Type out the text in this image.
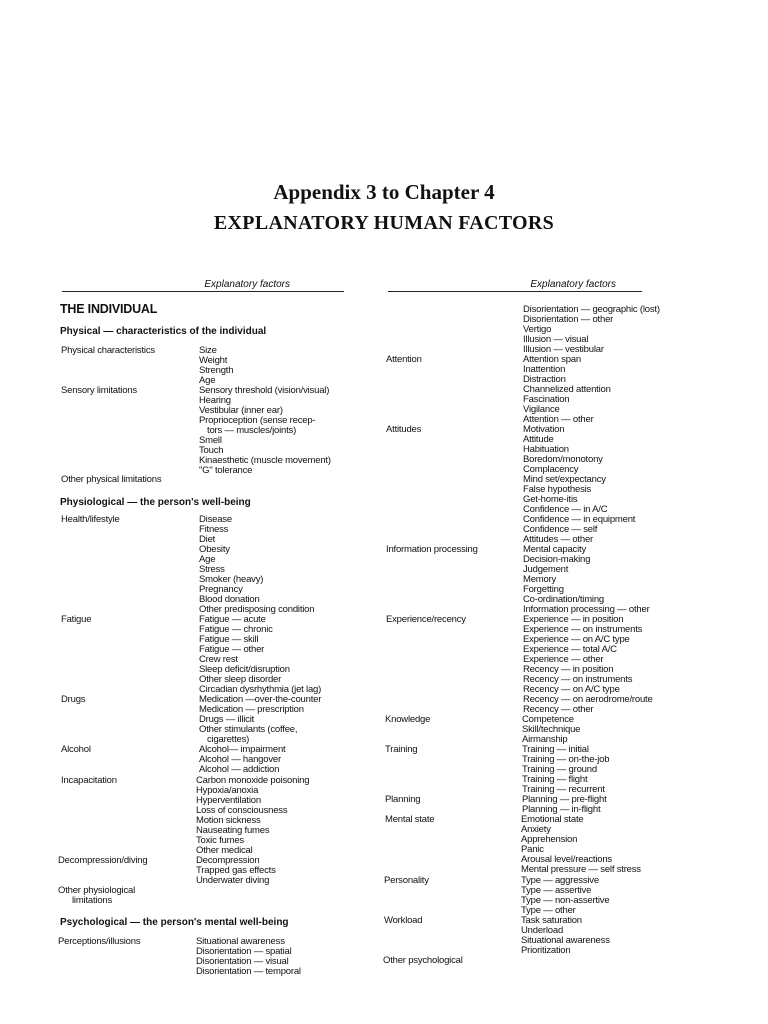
Appendix 3 to Chapter 4
EXPLANATORY HUMAN FACTORS
Explanatory factors	Explanatory factors
THE INDIVIDUAL
Physical — characteristics of the individual
Physiological — the person's well-being
Psychological — the person's mental well-being
Physical characteristics	Size
Weight
Strength
Age
Sensory limitations	Sensory threshold (vision/visual)
Hearing
Vestibular (inner ear)
Proprioception (sense recep-
tors — muscles/joints)
Smell
Touch
Kinaesthetic (muscle movement)
"G" tolerance
Other physical limitations
Health/lifestyle	Disease
Fitness
Diet
Obesity
Age
Stress
Smoker (heavy)
Pregnancy
Blood donation
Other predisposing condition
Fatigue	Fatigue — acute
Fatigue — chronic
Fatigue — skill
Fatigue — other
Crew rest
Sleep deficit/disruption
Other sleep disorder
Circadian dysrhythmia (jet lag)
Drugs	Medication —over-the-counter
Medication — prescription
Drugs — illicit
Other stimulants (coffee,
cigarettes)
Alcohol	Alcohol— impairment
Alcohol — hangover
Alcohol — addiction
Incapacitation	Carbon monoxide poisoning
Hypoxia/anoxia
Hyperventilation
Loss of consciousness
Motion sickness
Nauseating fumes
Toxic fumes
Other medical
Decompression/diving	Decompression
Trapped gas effects
Underwater diving
Other physiological
limitations
Perceptions/illusions	Situational awareness
Disorientation — spatial
Disorientation — visual
Disorientation — temporal
Disorientation — geographic (lost)
Disorientation — other
Vertigo
Illusion — visual
Illusion — vestibular
Attention	Attention span
Inattention
Distraction
Channelized attention
Fascination
Vigilance
Attention — other
Attitudes	Motivation
Attitude
Habituation
Boredom/monotony
Complacency
Mind set/expectancy
False hypothesis
Get-home-itis
Confidence — in A/C
Confidence — in equipment
Confidence — self
Attitudes — other
Information processing	Mental capacity
Decision-making
Judgement
Memory
Forgetting
Co-ordination/timing
Information processing — other
Experience/recency	Experience — in position
Experience — on instruments
Experience — on A/C type
Experience — total A/C
Experience — other
Recency — in position
Recency — on instruments
Recency — on A/C type
Recency — on aerodrome/route
Recency — other
Knowledge	Competence
Skill/technique
Airmanship
Training	Training — initial
Training — on-the-job
Training — ground
Training — flight
Training — recurrent
Planning	Planning — pre-flight
Planning — in-flight
Mental state	Emotional state
Anxiety
Apprehension
Panic
Arousal level/reactions
Mental pressure — self stress
Personality	Type — aggressive
Type — assertive
Type — non-assertive
Type — other
Workload	Task saturation
Underload
Situational awareness
Prioritization
Other psychological
